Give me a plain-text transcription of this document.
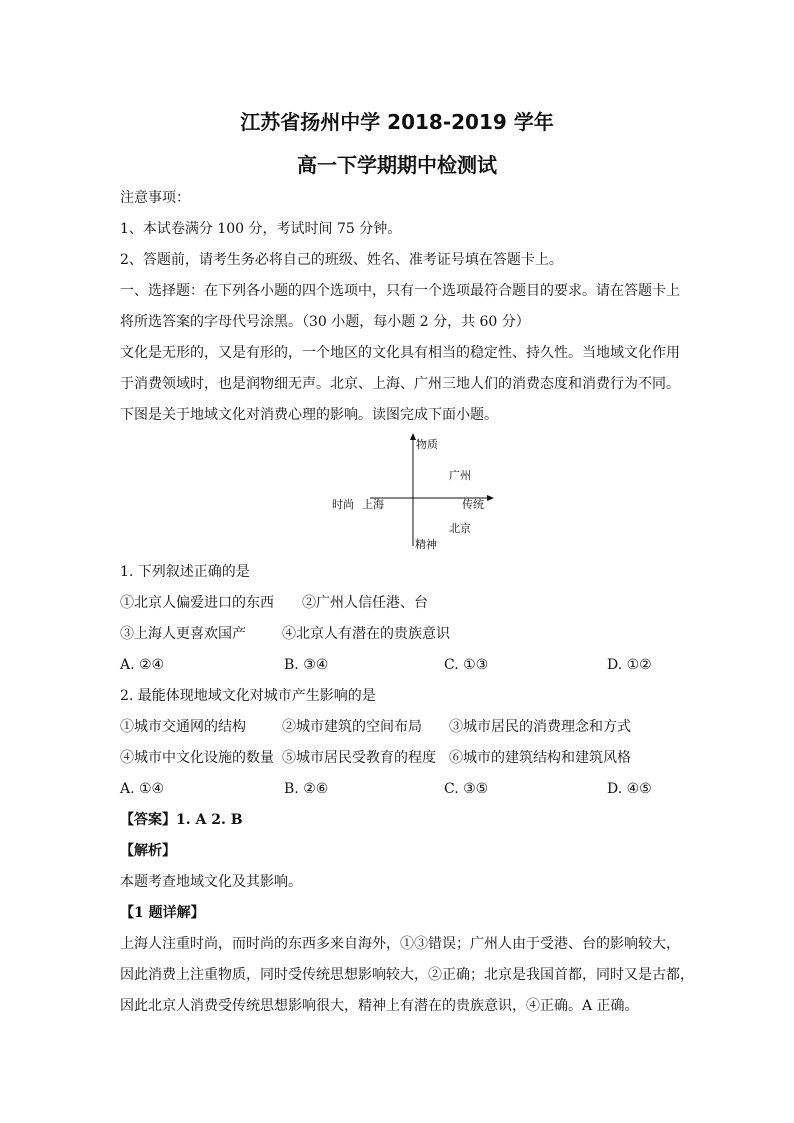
江苏省扬州中学 2018-2019 学年
高一下学期期中检测试
注意事项：
1、本试卷满分 100 分，考试时间 75 分钟。
2、答题前，请考生务必将自己的班级、姓名、准考证号填在答题卡上。
一、选择题：在下列各小题的四个选项中，只有一个选项最符合题目的要求。请在答题卡上
将所选答案的字母代号涂黑。（30 小题，每小题 2 分，共 60 分）
文化是无形的，又是有形的，一个地区的文化具有相当的稳定性、持久性。当地域文化作用
于消费领域时，也是润物细无声。北京、上海、广州三地人们的消费态度和消费行为不同。
下图是关于地域文化对消费心理的影响。读图完成下面小题。
物质
广州
时尚 上海	传统
北京
精神
1. 下列叙述正确的是
①北京人偏爱进口的东西 ②广州人信任港、台
③上海人更喜欢国产	④北京人有潜在的贵族意识
A. ②④	B. ③④	C. ①③	D. ①②
2. 最能体现地域文化对城市产生影响的是
①城市交通网的结构	②城市建筑的空间布局 ③城市居民的消费理念和方式
④城市中文化设施的数量 ⑤城市居民受教育的程度 ⑥城市的建筑结构和建筑风格
A. ①④	B. ②⑥	C. ③⑤	D. ④⑤
【答案】1. A 2. B
【解析】
本题考查地域文化及其影响。
【1 题详解】
上海人注重时尚，而时尚的东西多来自海外，①③错误；广州人由于受港、台的影响较大，
因此消费上注重物质，同时受传统思想影响较大，②正确；北京是我国首都，同时又是古都，
因此北京人消费受传统思想影响很大，精神上有潜在的贵族意识，④正确。A 正确。
